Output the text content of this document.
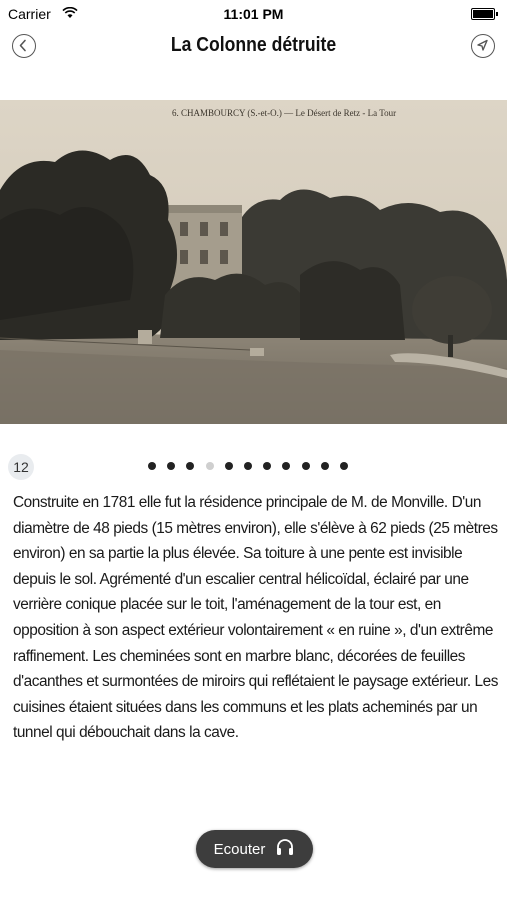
Carrier	11:01 PM
La Colonne détruite
6. CHAMBOURCY (S.-et-O.) — Le Désert de Retz - La Tour
12

Construite en 1781 elle fut la résidence principale de M. de Monville. D'un diamètre de 48 pieds (15 mètres environ), elle s'élève à 62 pieds (25 mètres environ) en sa partie la plus élevée. Sa toiture à une pente est invisible depuis le sol. Agrémenté d'un escalier central hélicoïdal, éclairé par une verrière conique placée sur le toit, l'aménagement de la tour est, en opposition à son aspect extérieur volontairement « en ruine », d'un extrême raffinement. Les cheminées sont en marbre blanc, décorées de feuilles d'acanthes et surmontées de miroirs qui reflétaient le paysage extérieur. Les cuisines étaient situées dans les communs et les plats acheminés par un tunnel qui débouchait dans la cave.

Ecouter
